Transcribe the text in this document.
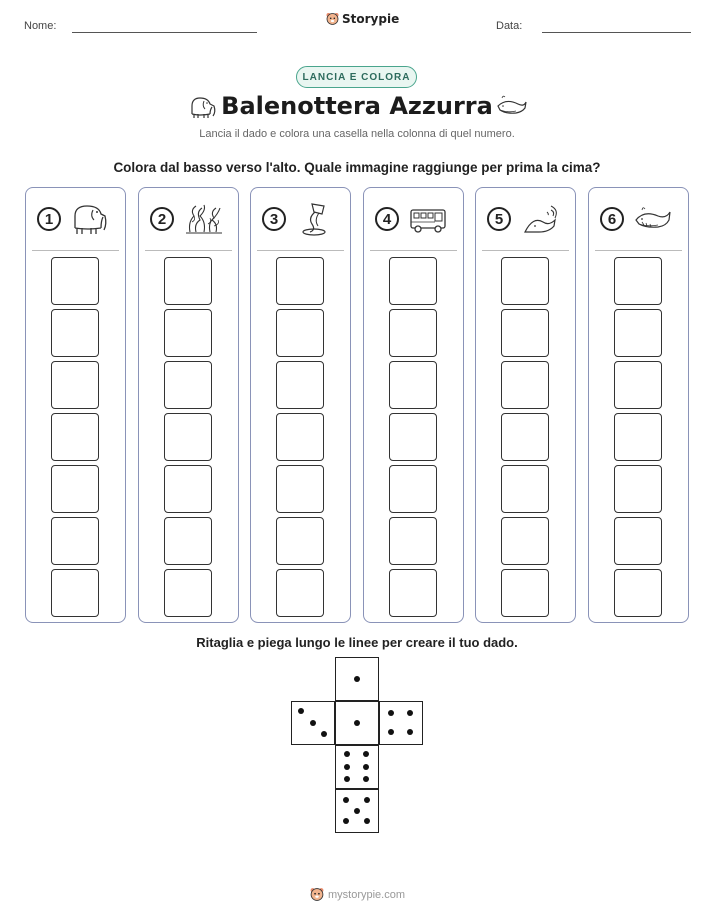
Nome:	Storypie	Data:
LANCIA E COLORA
Balenottera Azzurra
Lancia il dado e colora una casella nella colonna di quel numero.
Colora dal basso verso l'alto. Quale immagine raggiunge per prima la cima?
1	2	3	4	5	6
Ritaglia e piega lungo le linee per creare il tuo dado.
mystorypie.com
